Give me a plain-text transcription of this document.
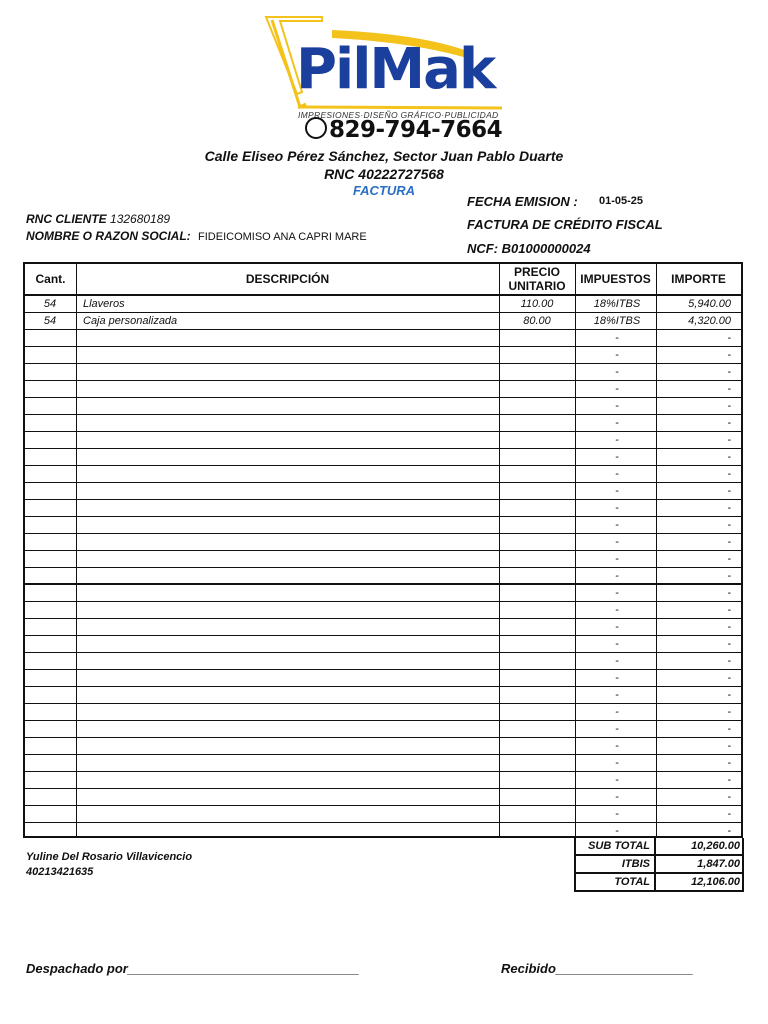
PilMak
IMPRESIONES·DISEÑO GRÁFICO·PUBLICIDAD
829-794-7664
Calle Eliseo Pérez Sánchez, Sector Juan Pablo Duarte
RNC 40222727568
FACTURA
FECHA EMISION : 01-05-25
FACTURA DE CRÉDITO FISCAL
NCF: B01000000024
RNC CLIENTE 132680189
NOMBRE O RAZON SOCIAL: FIDEICOMISO ANA CAPRI MARE
Cant.	DESCRIPCIÓN	PRECIO UNITARIO	IMPUESTOS	IMPORTE
54	Llaveros	110.00	18%ITBS	5,940.00
54	Caja personalizada	80.00	18%ITBS	4,320.00
-	-
-	-
-	-
-	-
-	-
-	-
-	-
-	-
-	-
-	-
-	-
-	-
-	-
-	-
-	-
-	-
-	-
-	-
-	-
-	-
-	-
-	-
-	-
-	-
-	-
-	-
-	-
-	-
-	-
-	-
Yuline Del Rosario Villavicencio
40213421635
SUB TOTAL	10,260.00
ITBIS	1,847.00
TOTAL	12,106.00
Despachado por________________________________	Recibido___________________
